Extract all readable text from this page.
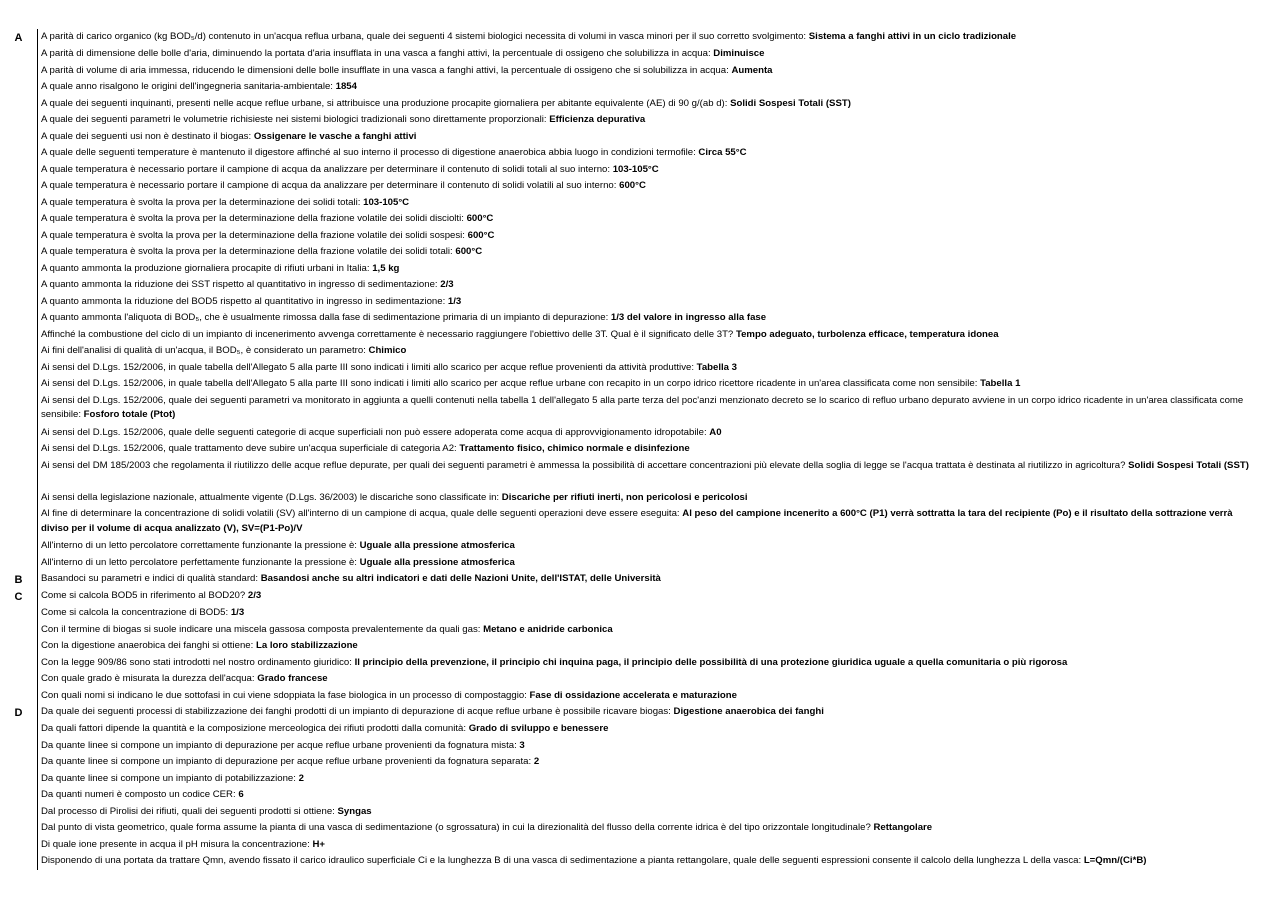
A	A parità di carico organico (kg BOD₅/d) contenuto in un'acqua reflua urbana, quale dei seguenti 4 sistemi biologici necessita di volumi in vasca minori per il suo corretto svolgimento: Sistema a fanghi attivi in un ciclo tradizionale
A parità di dimensione delle bolle d'aria, diminuendo la portata d'aria insufflata in una vasca a fanghi attivi, la percentuale di ossigeno che solubilizza in acqua: Diminuisce
A parità di volume di aria immessa, riducendo le dimensioni delle bolle insufflate in una vasca a fanghi attivi, la percentuale di ossigeno che si solubilizza in acqua: Aumenta
A quale anno risalgono le origini dell'ingegneria sanitaria-ambientale: 1854
A quale dei seguenti inquinanti, presenti nelle acque reflue urbane, si attribuisce una produzione procapite giornaliera per abitante equivalente (AE) di 90 g/(ab d): Solidi Sospesi Totali (SST)
A quale dei seguenti parametri le volumetrie richisieste nei sistemi biologici tradizionali sono direttamente proporzionali: Efficienza depurativa
A quale dei seguenti usi non è destinato il biogas: Ossigenare le vasche a fanghi attivi
A quale delle seguenti temperature è mantenuto il digestore affinché al suo interno il processo di digestione anaerobica abbia luogo in condizioni termofile: Circa 55°C
A quale temperatura è necessario portare il campione di acqua da analizzare per determinare il contenuto di solidi totali al suo interno: 103-105°C
A quale temperatura è necessario portare il campione di acqua da analizzare per determinare il contenuto di solidi volatili al suo interno: 600°C
A quale temperatura è svolta la prova per la determinazione dei solidi totali: 103-105°C
A quale temperatura è svolta la prova per la determinazione della frazione volatile dei solidi disciolti: 600°C
A quale temperatura è svolta la prova per la determinazione della frazione volatile dei solidi sospesi: 600°C
A quale temperatura è svolta la prova per la determinazione della frazione volatile dei solidi totali: 600°C
A quanto ammonta la produzione giornaliera procapite di rifiuti urbani in Italia: 1,5 kg
A quanto ammonta la riduzione dei SST rispetto al quantitativo in ingresso di sedimentazione: 2/3
A quanto ammonta la riduzione del BOD5 rispetto al quantitativo in ingresso in sedimentazione: 1/3
A quanto ammonta l'aliquota di BOD₅, che è usualmente rimossa dalla fase di sedimentazione primaria di un impianto di depurazione: 1/3 del valore in ingresso alla fase
Affinché la combustione del ciclo di un impianto di incenerimento avvenga correttamente è necessario raggiungere l'obiettivo delle 3T. Qual è il significato delle 3T? Tempo adeguato, turbolenza efficace, temperatura idonea
Ai fini dell'analisi di qualità di un'acqua, il BOD₅, è considerato un parametro: Chimico
Ai sensi del D.Lgs. 152/2006, in quale tabella dell'Allegato 5 alla parte III sono indicati i limiti allo scarico per acque reflue provenienti da attività produttive: Tabella 3
Ai sensi del D.Lgs. 152/2006, in quale tabella dell'Allegato 5 alla parte III sono indicati i limiti allo scarico per acque reflue urbane con recapito in un corpo idrico ricettore ricadente in un'area classificata come non sensibile: Tabella 1
Ai sensi del D.Lgs. 152/2006, quale dei seguenti parametri va monitorato in aggiunta a quelli contenuti nella tabella 1 dell'allegato 5 alla parte terza del poc'anzi menzionato decreto se lo scarico di refluo urbano depurato avviene in un corpo idrico ricadente in un'area classificata come sensibile: Fosforo totale (Ptot)
Ai sensi del D.Lgs. 152/2006, quale delle seguenti categorie di acque superficiali non può essere adoperata come acqua di approvvigionamento idropotabile: A0
Ai sensi del D.Lgs. 152/2006, quale trattamento deve subire un'acqua superficiale di categoria A2: Trattamento fisico, chimico normale e disinfezione
Ai sensi del DM 185/2003 che regolamenta il riutilizzo delle acque reflue depurate, per quali dei seguenti parametri è ammessa la possibilità di accettare concentrazioni più elevate della soglia di legge se l'acqua trattata è destinata al riutilizzo in agricoltura? Solidi Sospesi Totali (SST)
Ai sensi della legislazione nazionale, attualmente vigente (D.Lgs. 36/2003) le discariche sono classificate in: Discariche per rifiuti inerti, non pericolosi e pericolosi
Al fine di determinare la concentrazione di solidi volatili (SV) all'interno di un campione di acqua, quale delle seguenti operazioni deve essere eseguita: Al peso del campione incenerito a 600°C (P1) verrà sottratta la tara del recipiente (Po) e il risultato della sottrazione verrà diviso per il volume di acqua analizzato (V), SV=(P1-Po)/V
All'interno di un letto percolatore correttamente funzionante la pressione è: Uguale alla pressione atmosferica
All'interno di un letto percolatore perfettamente funzionante la pressione è: Uguale alla pressione atmosferica
B	Basandoci su parametri e indici di qualità standard: Basandosi anche su altri indicatori e dati delle Nazioni Unite, dell'ISTAT, delle Università
C	Come si calcola BOD5 in riferimento al BOD20? 2/3
Come si calcola la concentrazione di BOD5: 1/3
Con il termine di biogas si suole indicare una miscela gassosa composta prevalentemente da quali gas: Metano e anidride carbonica
Con la digestione anaerobica dei fanghi si ottiene: La loro stabilizzazione
Con la legge 909/86 sono stati introdotti nel nostro ordinamento giuridico: Il principio della prevenzione, il principio chi inquina paga, il principio delle possibilità di una protezione giuridica uguale a quella comunitaria o più rigorosa
Con quale grado è misurata la durezza dell'acqua: Grado francese
Con quali nomi si indicano le due sottofasi in cui viene sdoppiata la fase biologica in un processo di compostaggio: Fase di ossidazione accelerata e maturazione
D	Da quale dei seguenti processi di stabilizzazione dei fanghi prodotti di un impianto di depurazione di acque reflue urbane è possibile ricavare biogas: Digestione anaerobica dei fanghi
Da quali fattori dipende la quantità e la composizione merceologica dei rifiuti prodotti dalla comunità: Grado di sviluppo e benessere
Da quante linee si compone un impianto di depurazione per acque reflue urbane provenienti da fognatura mista: 3
Da quante linee si compone un impianto di depurazione per acque reflue urbane provenienti da fognatura separata: 2
Da quante linee si compone un impianto di potabilizzazione: 2
Da quanti numeri è composto un codice CER: 6
Dal processo di Pirolisi dei rifiuti, quali dei seguenti prodotti si ottiene: Syngas
Dal punto di vista geometrico, quale forma assume la pianta di una vasca di sedimentazione (o sgrossatura) in cui la direzionalità del flusso della corrente idrica è del tipo orizzontale longitudinale? Rettangolare
Di quale ione presente in acqua il pH misura la concentrazione: H+
Disponendo di una portata da trattare Qmn, avendo fissato il carico idraulico superficiale Ci e la lunghezza B di una vasca di sedimentazione a pianta rettangolare, quale delle seguenti espressioni consente il calcolo della lunghezza L della vasca: L=Qmn/(Ci*B)
